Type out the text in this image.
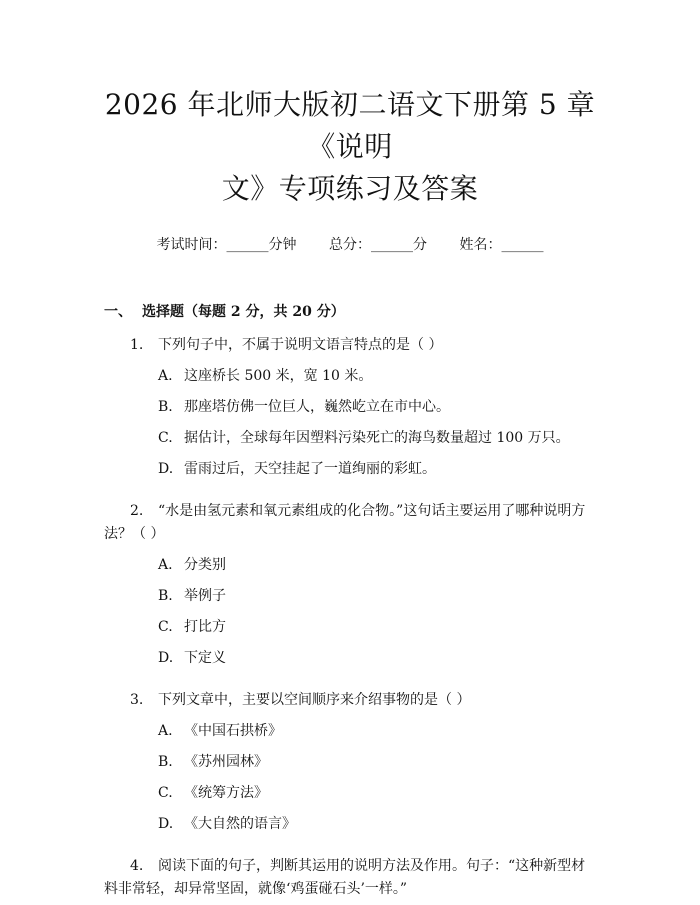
2026 年北师大版初二语文下册第 5 章《说明
文》专项练习及答案
考试时间：______分钟 总分：______分 姓名：______
一、 选择题（每题 2 分，共 20 分）
1. 下列句子中，不属于说明文语言特点的是（ ）
A. 这座桥长 500 米，宽 10 米。
B. 那座塔仿佛一位巨人，巍然屹立在市中心。
C. 据估计，全球每年因塑料污染死亡的海鸟数量超过 100 万只。
D. 雷雨过后，天空挂起了一道绚丽的彩虹。
2. “水是由氢元素和氧元素组成的化合物。”这句话主要运用了哪种说明方法？（ ）
A. 分类别
B. 举例子
C. 打比方
D. 下定义
3. 下列文章中，主要以空间顺序来介绍事物的是（ ）
A. 《中国石拱桥》
B. 《苏州园林》
C. 《统筹方法》
D. 《大自然的语言》
4. 阅读下面的句子，判断其运用的说明方法及作用。句子：“这种新型材料非常轻，却异常坚固，就像‘鸡蛋碰石头’一样。”
